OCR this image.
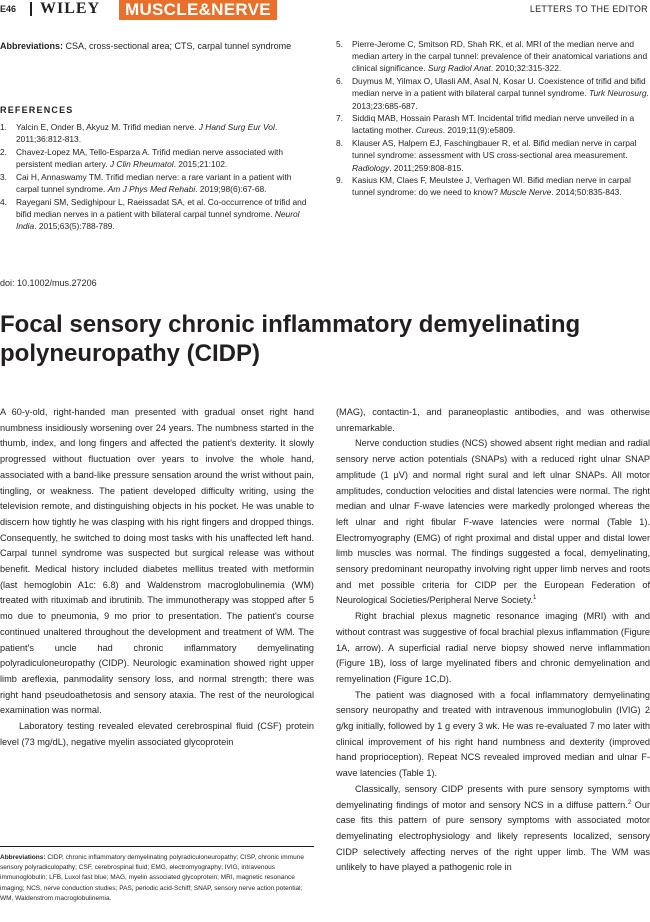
E46 WILEY	MUSCLE&NERVE	LETTERS TO THE EDITOR
Abbreviations: CSA, cross-sectional area; CTS, carpal tunnel syndrome
REFERENCES
1. Yalcin E, Onder B, Akyuz M. Trifid median nerve. J Hand Surg Eur Vol. 2011;36:812-813.
2. Chavez-Lopez MA, Tello-Esparza A. Trifid median nerve associated with persistent median artery. J Clin Rheumatol. 2015;21:102.
3. Cai H, Annaswamy TM. Trifid median nerve: a rare variant in a patient with carpal tunnel syndrome. Am J Phys Med Rehabi. 2019;98(6):67-68.
4. Rayegani SM, Sedighipour L, Raeissadat SA, et al. Co-occurrence of trifid and bifid median nerves in a patient with bilateral carpal tunnel syndrome. Neurol India. 2015;63(5):788-789.
5. Pierre-Jerome C, Smitson RD, Shah RK, et al. MRI of the median nerve and median artery in the carpal tunnel: prevalence of their anatomical variations and clinical significance. Surg Radiol Anat. 2010;32:315-322.
6. Duymus M, Yilmax O, Ulasli AM, Asal N, Kosar U. Coexistence of trifid and bifid median nerve in a patient with bilateral carpal tunnel syndrome. Turk Neurosurg. 2013;23:685-687.
7. Siddiq MAB, Hossain Parash MT. Incidental trifid median nerve unveiled in a lactating mother. Cureus. 2019;11(9):e5809.
8. Klauser AS, Halpern EJ, Faschingbauer R, et al. Bifid median nerve in carpal tunnel syndrome: assessment with US cross-sectional area measurement. Radiology. 2011;259:808-815.
9. Kasius KM, Claes F, Meulstee J, Verhagen WI. Bifid median nerve in carpal tunnel syndrome: do we need to know? Muscle Nerve. 2014;50:835-843.
doi: 10.1002/mus.27206
Focal sensory chronic inflammatory demyelinating polyneuropathy (CIDP)

A 60-y-old, right-handed man presented with gradual onset right hand numbness insidiously worsening over 24 years. The numbness started in the thumb, index, and long fingers and affected the patient's dexterity. It slowly progressed without fluctuation over years to involve the whole hand, associated with a band-like pressure sensation around the wrist without pain, tingling, or weakness. The patient developed difficulty writing, using the television remote, and distinguishing objects in his pocket. He was unable to discern how tightly he was clasping with his right fingers and dropped things. Consequently, he switched to doing most tasks with his unaffected left hand. Carpal tunnel syndrome was suspected but surgical release was without benefit. Medical history included diabetes mellitus treated with metformin (last hemoglobin A1c: 6.8) and Waldenstrom macroglobulinemia (WM) treated with rituximab and ibrutinib. The immunotherapy was stopped after 5 mo due to pneumonia, 9 mo prior to presentation. The patient's course continued unaltered throughout the development and treatment of WM. The patient's uncle had chronic inflammatory demyelinating polyradiculoneuropathy (CIDP). Neurologic examination showed right upper limb areflexia, panmodality sensory loss, and normal strength; there was right hand pseudoathetosis and sensory ataxia. The rest of the neurological examination was normal.

Laboratory testing revealed elevated cerebrospinal fluid (CSF) protein level (73 mg/dL), negative myelin associated glycoprotein

(MAG), contactin-1, and paraneoplastic antibodies, and was otherwise unremarkable.

Nerve conduction studies (NCS) showed absent right median and radial sensory nerve action potentials (SNAPs) with a reduced right ulnar SNAP amplitude (1 μV) and normal right sural and left ulnar SNAPs. All motor amplitudes, conduction velocities and distal latencies were normal. The right median and ulnar F-wave latencies were markedly prolonged whereas the left ulnar and right fibular F-wave latencies were normal (Table 1). Electromyography (EMG) of right proximal and distal upper and distal lower limb muscles was normal. The findings suggested a focal, demyelinating, sensory predominant neuropathy involving right upper limb nerves and roots and met possible criteria for CIDP per the European Federation of Neurological Societies/Peripheral Nerve Society.$^1$

Right brachial plexus magnetic resonance imaging (MRI) with and without contrast was suggestive of focal brachial plexus inflammation (Figure 1A, arrow). A superficial radial nerve biopsy showed nerve inflammation (Figure 1B), loss of large myelinated fibers and chronic demyelination and remyelination (Figure 1C,D).

The patient was diagnosed with a focal inflammatory demyelinating sensory neuropathy and treated with intravenous immunoglobulin (IVIG) 2 g/kg initially, followed by 1 g every 3 wk. He was re-evaluated 7 mo later with clinical improvement of his right hand numbness and dexterity (improved hand proprioception). Repeat NCS revealed improved median and ulnar F-wave latencies (Table 1).

Classically, sensory CIDP presents with pure sensory symptoms with demyelinating findings of motor and sensory NCS in a diffuse pattern.$^2$ Our case fits this pattern of pure sensory symptoms with associated motor demyelinating electrophysiology and likely represents localized, sensory CIDP selectively affecting nerves of the right upper limb. The WM was unlikely to have played a pathogenic role in

Abbreviations: CIDP, chronic inflammatory demyelinating polyradiculoneuropathy; CISP, chronic immune sensory polyradiculopathy; CSF, cerebrospinal fluid; EMG, electromyography; IVIG, intravenous immunoglobulin; LFB, Luxol fast blue; MAG, myelin associated glycoprotein; MRI, magnetic resonance imaging; NCS, nerve conduction studies; PAS, periodic acid-Schiff; SNAP, sensory nerve action potential; WM, Waldenstrom macroglobulinemia.
